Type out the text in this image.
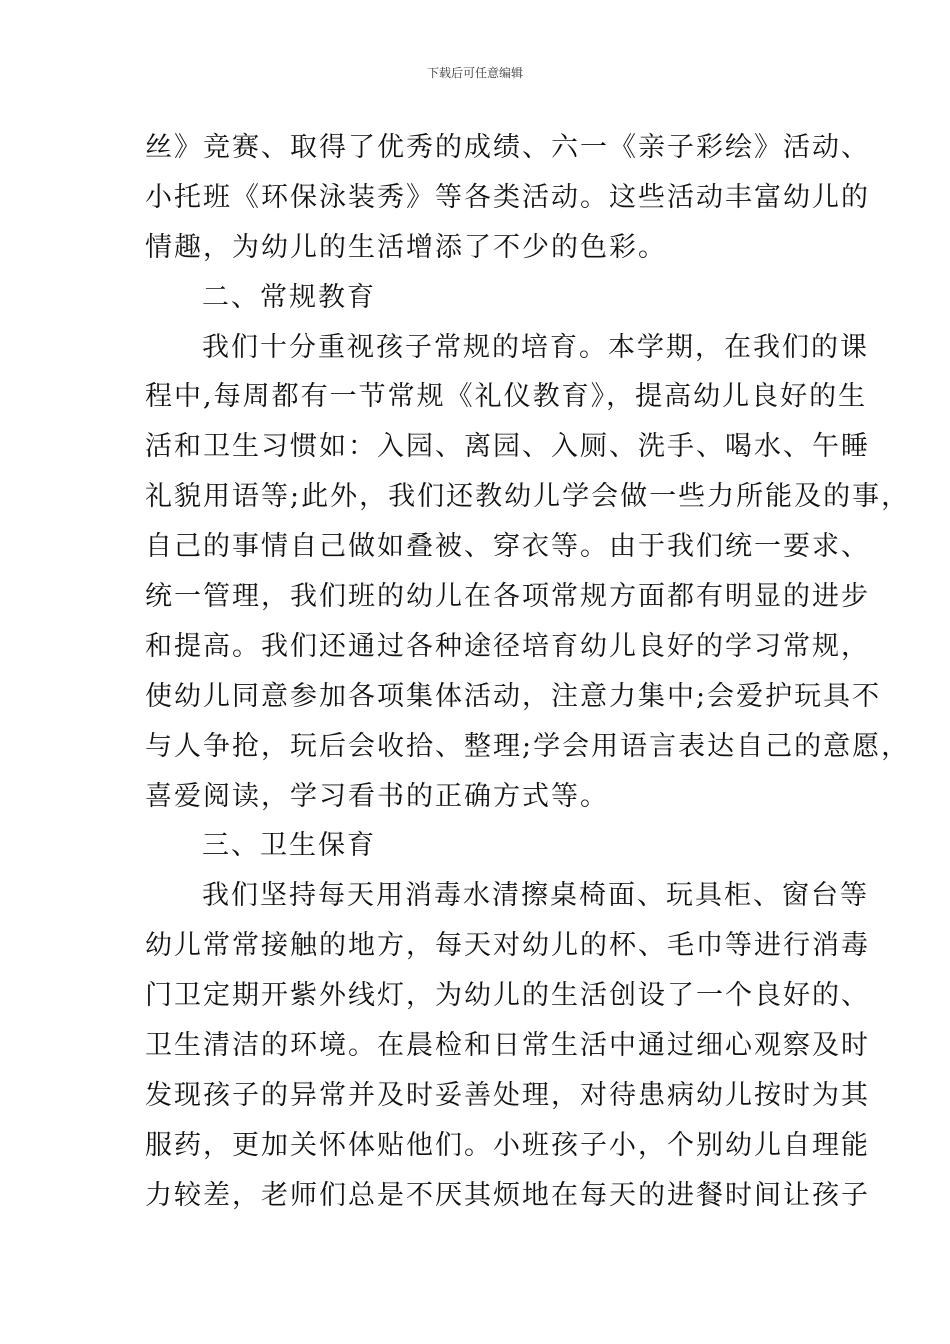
下载后可任意编辑
丝》竞赛、取得了优秀的成绩、六一《亲子彩绘》活动、
小托班《环保泳装秀》等各类活动。这些活动丰富幼儿的
情趣，为幼儿的生活增添了不少的色彩。
二、常规教育
我们十分重视孩子常规的培育。本学期，在我们的课
程中,每周都有一节常规《礼仪教育》，提高幼儿良好的生
活和卫生习惯如：入园、离园、入厕、洗手、喝水、午睡
礼貌用语等;此外，我们还教幼儿学会做一些力所能及的事，
自己的事情自己做如叠被、穿衣等。由于我们统一要求、
统一管理，我们班的幼儿在各项常规方面都有明显的进步
和提高。我们还通过各种途径培育幼儿良好的学习常规，
使幼儿同意参加各项集体活动，注意力集中;会爱护玩具不
与人争抢，玩后会收拾、整理;学会用语言表达自己的意愿，
喜爱阅读，学习看书的正确方式等。
三、卫生保育
我们坚持每天用消毒水清擦桌椅面、玩具柜、窗台等
幼儿常常接触的地方，每天对幼儿的杯、毛巾等进行消毒
门卫定期开紫外线灯，为幼儿的生活创设了一个良好的、
卫生清洁的环境。在晨检和日常生活中通过细心观察及时
发现孩子的异常并及时妥善处理，对待患病幼儿按时为其
服药，更加关怀体贴他们。小班孩子小，个别幼儿自理能
力较差，老师们总是不厌其烦地在每天的进餐时间让孩子
